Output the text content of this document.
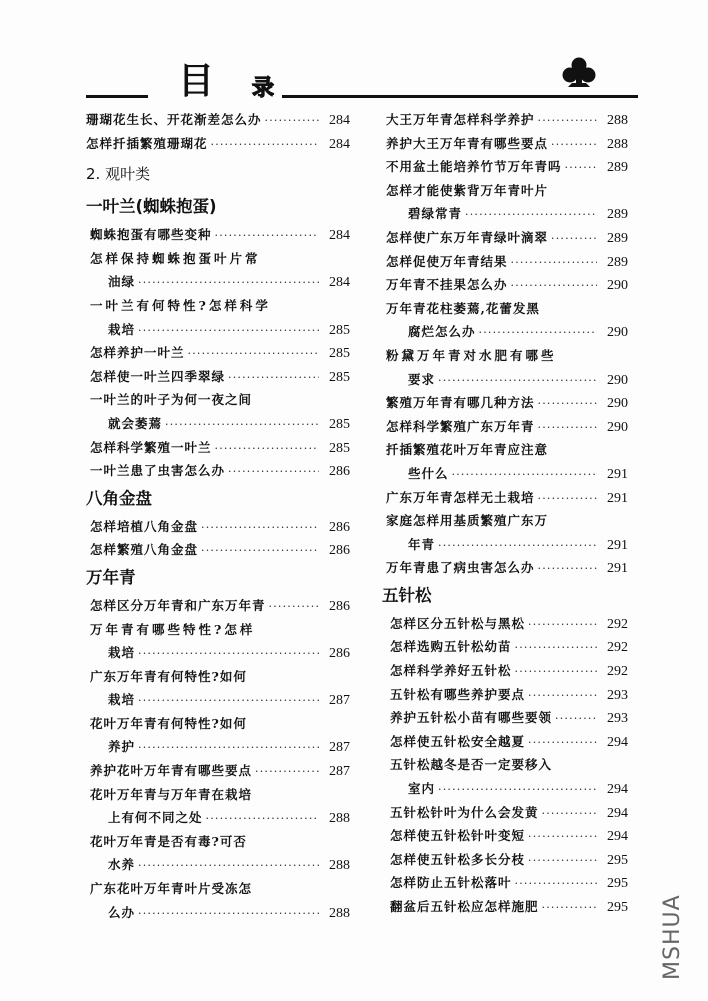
目 录
珊瑚花生长、开花渐差怎么办 ·····	284
怎样扦插繁殖珊瑚花 ·····	284
2. 观叶类
一叶兰(蜘蛛抱蛋)
蜘蛛抱蛋有哪些变种 ·····	284
怎样保持蜘蛛抱蛋叶片常
油绿 ·····	284
一叶兰有何特性?怎样科学
栽培 ·····	285
怎样养护一叶兰 ·····	285
怎样使一叶兰四季翠绿 ·····	285
一叶兰的叶子为何一夜之间
就会萎蔫 ·····	285
怎样科学繁殖一叶兰 ·····	285
一叶兰患了虫害怎么办 ·····	286
八角金盘
怎样培植八角金盘 ·····	286
怎样繁殖八角金盘 ·····	286
万年青
怎样区分万年青和广东万年青 ·····	286
万年青有哪些特性?怎样
栽培 ·····	286
广东万年青有何特性?如何
栽培 ·····	287
花叶万年青有何特性?如何
养护 ·····	287
养护花叶万年青有哪些要点 ·····	287
花叶万年青与万年青在栽培
上有何不同之处 ·····	288
花叶万年青是否有毒?可否
水养 ·····	288
广东花叶万年青叶片受冻怎
么办 ·····	288
大王万年青怎样科学养护 ·····	288
养护大王万年青有哪些要点 ·····	288
不用盆土能培养竹节万年青吗 ·····	289
怎样才能使紫背万年青叶片
碧绿常青 ·····	289
怎样使广东万年青绿叶滴翠 ·····	289
怎样促使万年青结果 ·····	289
万年青不挂果怎么办 ·····	290
万年青花柱萎蔫,花蕾发黑
腐烂怎么办 ·····	290
粉黛万年青对水肥有哪些
要求 ·····	290
繁殖万年青有哪几种方法 ·····	290
怎样科学繁殖广东万年青 ·····	290
扦插繁殖花叶万年青应注意
些什么 ·····	291
广东万年青怎样无土栽培 ·····	291
家庭怎样用基质繁殖广东万
年青 ·····	291
万年青患了病虫害怎么办 ·····	291
五针松
怎样区分五针松与黑松 ·····	292
怎样选购五针松幼苗 ·····	292
怎样科学养好五针松 ·····	292
五针松有哪些养护要点 ·····	293
养护五针松小苗有哪些要领 ·····	293
怎样使五针松安全越夏 ·····	294
五针松越冬是否一定要移入
室内 ·····	294
五针松针叶为什么会发黄 ·····	294
怎样使五针松针叶变短 ·····	294
怎样使五针松多长分枝 ·····	295
怎样防止五针松落叶 ·····	295
翻盆后五针松应怎样施肥 ·····	295 MSHUA
